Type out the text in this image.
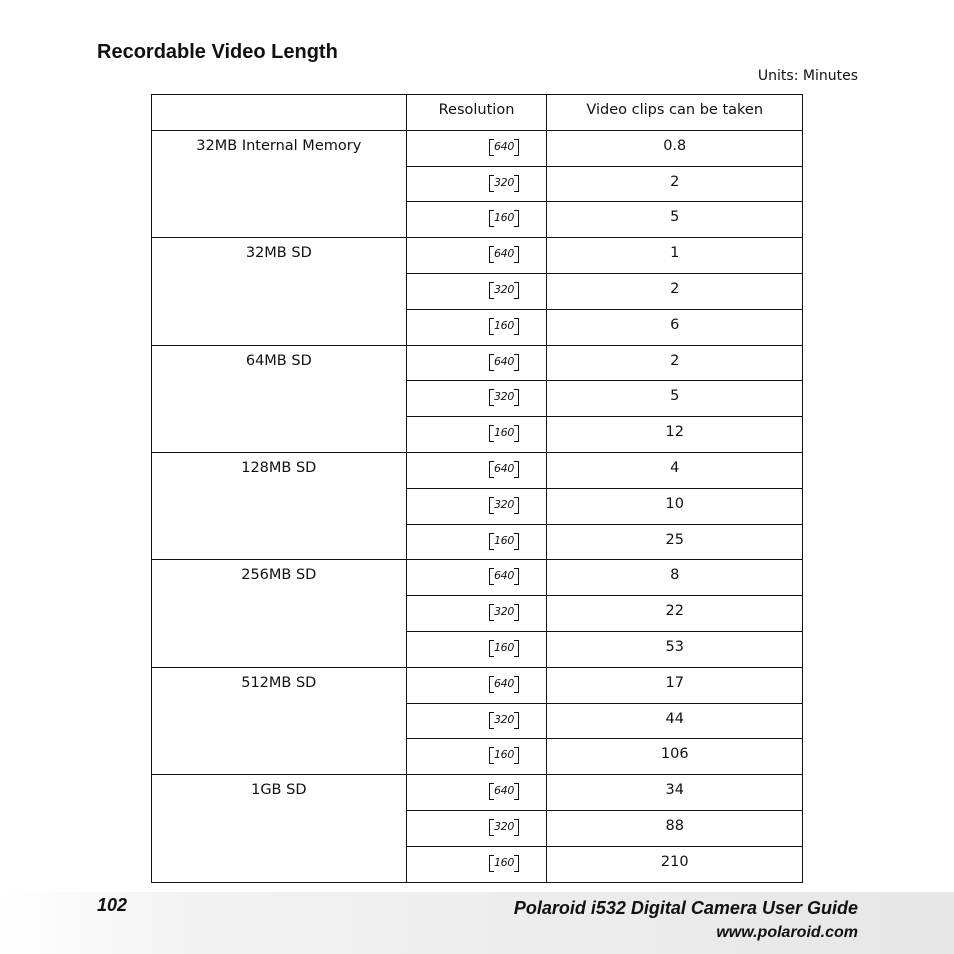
Recordable Video Length
Units: Minutes
	Resolution	Video clips can be taken
32MB Internal Memory	640	0.8
	320	2
	160	5
32MB SD	640	1
	320	2
	160	6
64MB SD	640	2
	320	5
	160	12
128MB SD	640	4
	320	10
	160	25
256MB SD	640	8
	320	22
	160	53
512MB SD	640	17
	320	44
	160	106
1GB SD	640	34
	320	88
	160	210
102	Polaroid i532 Digital Camera User Guide
www.polaroid.com
